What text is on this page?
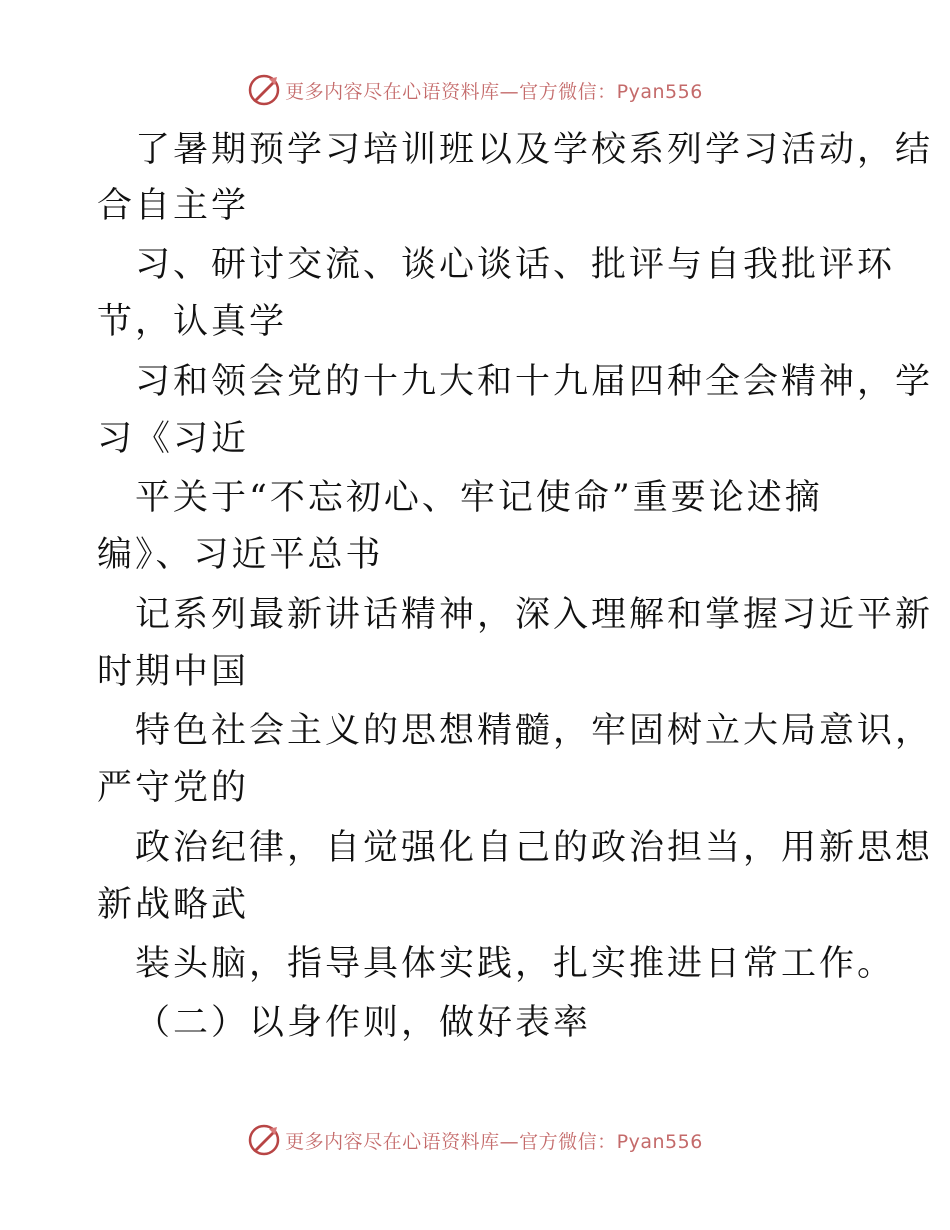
更多内容尽在心语资料库—官方微信：Pyan556
了暑期预学习培训班以及学校系列学习活动，结
合自主学
习、研讨交流、谈心谈话、批评与自我批评环
节，认真学
习和领会党的十九大和十九届四种全会精神，学
习《习近
平关于“不忘初心、牢记使命”重要论述摘
编》、习近平总书
记系列最新讲话精神，深入理解和掌握习近平新
时期中国
特色社会主义的思想精髓，牢固树立大局意识，
严守党的
政治纪律，自觉强化自己的政治担当，用新思想
新战略武
装头脑，指导具体实践，扎实推进日常工作。
（二）以身作则，做好表率
更多内容尽在心语资料库—官方微信：Pyan556
